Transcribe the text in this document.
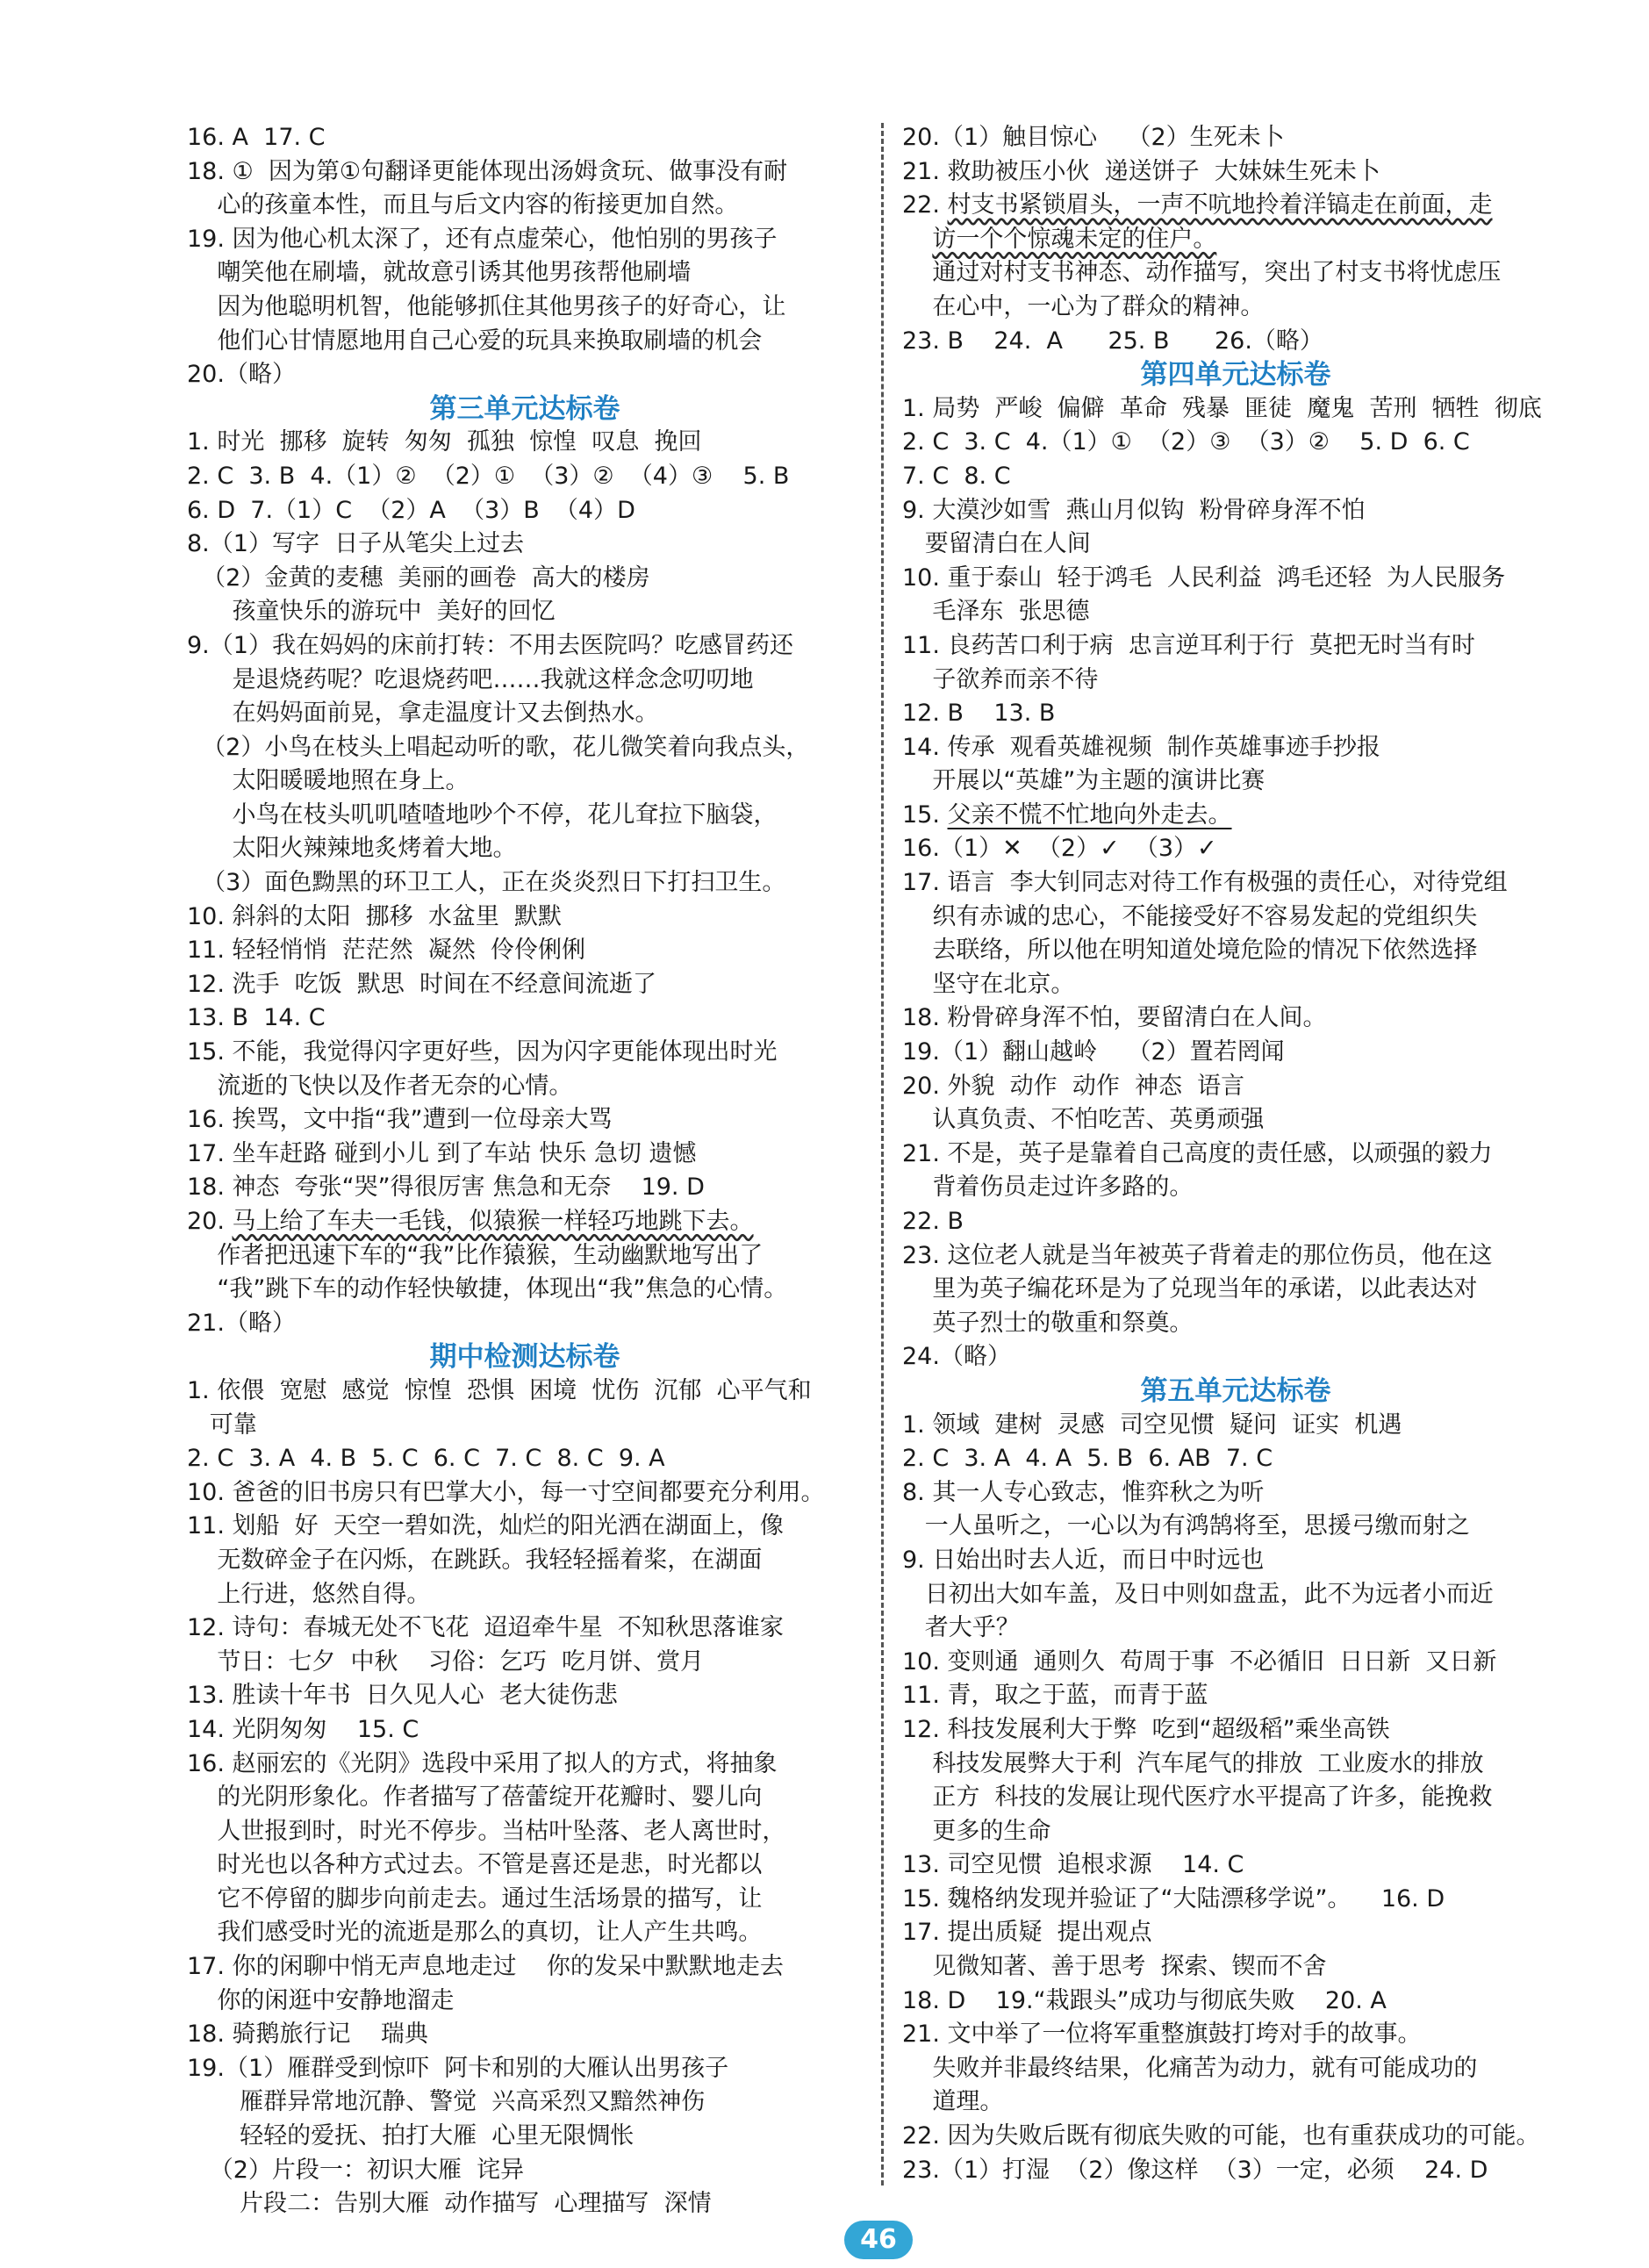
16. A  17. C
18. ①  因为第①句翻译更能体现出汤姆贪玩、做事没有耐
心的孩童本性，而且与后文内容的衔接更加自然。
19. 因为他心机太深了，还有点虚荣心，他怕别的男孩子
嘲笑他在刷墙，就故意引诱其他男孩帮他刷墙
因为他聪明机智，他能够抓住其他男孩子的好奇心，让
他们心甘情愿地用自己心爱的玩具来换取刷墙的机会
20.（略）
第三单元达标卷
1. 时光  挪移  旋转  匆匆  孤独  惊惶  叹息  挽回
2. C  3. B  4.（1）②  （2）①  （3）②  （4）③    5. B
6. D  7.（1）C  （2）A  （3）B  （4）D
8.（1）写字  日子从笔尖上过去
（2）金黄的麦穗  美丽的画卷  高大的楼房
孩童快乐的游玩中  美好的回忆
9.（1）我在妈妈的床前打转：不用去医院吗？吃感冒药还
是退烧药呢？吃退烧药吧……我就这样念念叨叨地
在妈妈面前晃，拿走温度计又去倒热水。
（2）小鸟在枝头上唱起动听的歌，花儿微笑着向我点头，
太阳暖暖地照在身上。
小鸟在枝头叽叽喳喳地吵个不停，花儿耷拉下脑袋，
太阳火辣辣地炙烤着大地。
（3）面色黝黑的环卫工人，正在炎炎烈日下打扫卫生。
10. 斜斜的太阳  挪移  水盆里  默默
11. 轻轻悄悄  茫茫然  凝然  伶伶俐俐
12. 洗手  吃饭  默思  时间在不经意间流逝了
13. B  14. C
15. 不能，我觉得闪字更好些，因为闪字更能体现出时光
流逝的飞快以及作者无奈的心情。
16. 挨骂，文中指“我”遭到一位母亲大骂
17. 坐车赶路 碰到小儿 到了车站 快乐 急切 遗憾
18. 神态  夸张“哭”得很厉害 焦急和无奈    19. D
20. 马上给了车夫一毛钱，似猿猴一样轻巧地跳下去。
作者把迅速下车的“我”比作猿猴，生动幽默地写出了
“我”跳下车的动作轻快敏捷，体现出“我”焦急的心情。
21.（略）
期中检测达标卷
1. 依偎  宽慰  感觉  惊惶  恐惧  困境  忧伤  沉郁  心平气和
可靠
2. C  3. A  4. B  5. C  6. C  7. C  8. C  9. A
10. 爸爸的旧书房只有巴掌大小，每一寸空间都要充分利用。
11. 划船  好  天空一碧如洗，灿烂的阳光洒在湖面上，像
无数碎金子在闪烁，在跳跃。我轻轻摇着桨，在湖面
上行进，悠然自得。
12. 诗句：春城无处不飞花  迢迢牵牛星  不知秋思落谁家
节日：七夕  中秋    习俗：乞巧  吃月饼、赏月
13. 胜读十年书  日久见人心  老大徒伤悲
14. 光阴匆匆    15. C
16. 赵丽宏的《光阴》选段中采用了拟人的方式，将抽象
的光阴形象化。作者描写了蓓蕾绽开花瓣时、婴儿向
人世报到时，时光不停步。当枯叶坠落、老人离世时，
时光也以各种方式过去。不管是喜还是悲，时光都以
它不停留的脚步向前走去。通过生活场景的描写，让
我们感受时光的流逝是那么的真切，让人产生共鸣。
17. 你的闲聊中悄无声息地走过    你的发呆中默默地走去
你的闲逛中安静地溜走
18. 骑鹅旅行记    瑞典
19.（1）雁群受到惊吓  阿卡和别的大雁认出男孩子
雁群异常地沉静、警觉  兴高采烈又黯然神伤
轻轻的爱抚、拍打大雁  心里无限惆怅
（2）片段一：初识大雁  诧异
片段二：告别大雁  动作描写  心理描写  深情
20.（1）触目惊心    （2）生死未卜
21. 救助被压小伙  递送饼子  大妹妹生死未卜
22. 村支书紧锁眉头，一声不吭地拎着洋镐走在前面，走
访一个个惊魂未定的住户。
通过对村支书神态、动作描写，突出了村支书将忧虑压
在心中，一心为了群众的精神。
23. B    24.  A      25. B      26.（略）
第四单元达标卷
1. 局势  严峻  偏僻  革命  残暴  匪徒  魔鬼  苦刑  牺牲  彻底
2. C  3. C  4.（1）①  （2）③  （3）②    5. D  6. C
7. C  8. C
9. 大漠沙如雪  燕山月似钩  粉骨碎身浑不怕
要留清白在人间
10. 重于泰山  轻于鸿毛  人民利益  鸿毛还轻  为人民服务
毛泽东  张思德
11. 良药苦口利于病  忠言逆耳利于行  莫把无时当有时
子欲养而亲不待
12. B    13. B
14. 传承  观看英雄视频  制作英雄事迹手抄报
开展以“英雄”为主题的演讲比赛
15. 父亲不慌不忙地向外走去。
16.（1）✕  （2）✓  （3）✓
17. 语言  李大钊同志对待工作有极强的责任心，对待党组
织有赤诚的忠心，不能接受好不容易发起的党组织失
去联络，所以他在明知道处境危险的情况下依然选择
坚守在北京。
18. 粉骨碎身浑不怕，要留清白在人间。
19.（1）翻山越岭    （2）置若罔闻
20. 外貌  动作  动作  神态  语言
认真负责、不怕吃苦、英勇顽强
21. 不是，英子是靠着自己高度的责任感，以顽强的毅力
背着伤员走过许多路的。
22. B
23. 这位老人就是当年被英子背着走的那位伤员，他在这
里为英子编花环是为了兑现当年的承诺，以此表达对
英子烈士的敬重和祭奠。
24.（略）
第五单元达标卷
1. 领域  建树  灵感  司空见惯  疑问  证实  机遇
2. C  3. A  4. A  5. B  6. AB  7. C
8. 其一人专心致志，惟弈秋之为听
一人虽听之，一心以为有鸿鹄将至，思援弓缴而射之
9. 日始出时去人近，而日中时远也
日初出大如车盖，及日中则如盘盂，此不为远者小而近
者大乎？
10. 变则通  通则久  苟周于事  不必循旧  日日新  又日新
11. 青，取之于蓝，而青于蓝
12. 科技发展利大于弊  吃到“超级稻”乘坐高铁
科技发展弊大于利  汽车尾气的排放  工业废水的排放
正方  科技的发展让现代医疗水平提高了许多，能挽救
更多的生命
13. 司空见惯  追根求源    14. C
15. 魏格纳发现并验证了“大陆漂移学说”。    16. D
17. 提出质疑  提出观点
见微知著、善于思考  探索、锲而不舍
18. D    19.“栽跟头”成功与彻底失败    20. A
21. 文中举了一位将军重整旗鼓打垮对手的故事。
失败并非最终结果，化痛苦为动力，就有可能成功的
道理。
22. 因为失败后既有彻底失败的可能，也有重获成功的可能。
23.（1）打湿  （2）像这样  （3）一定，必须    24. D
46
